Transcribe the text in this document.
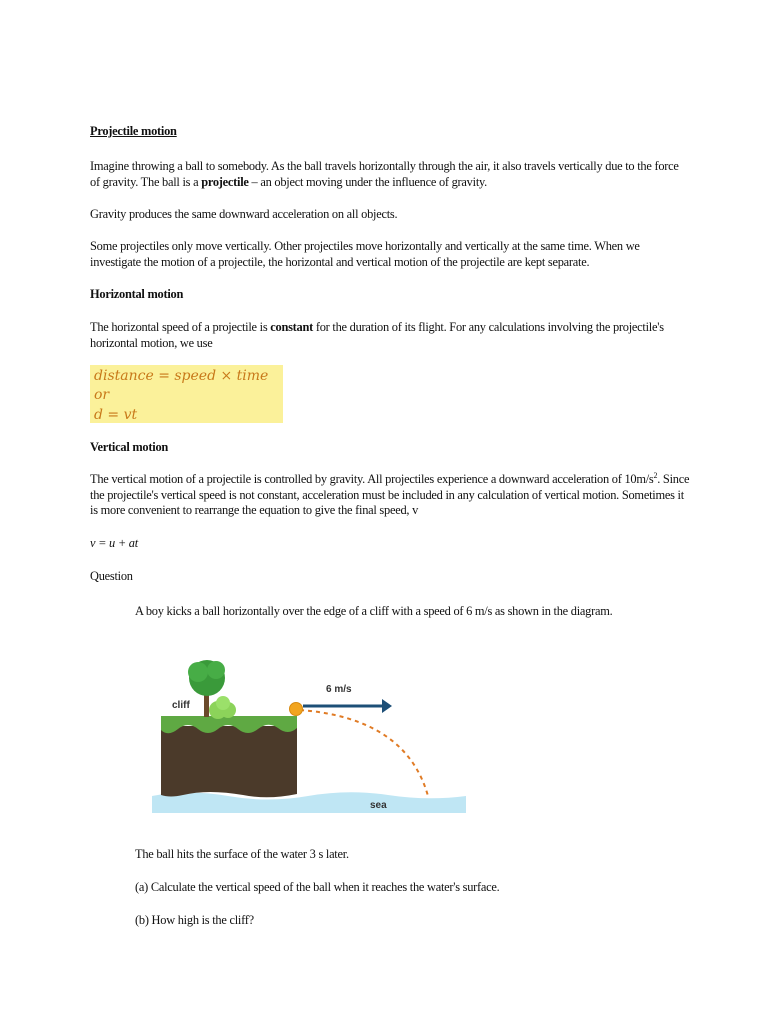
Projectile motion

Imagine throwing a ball to somebody. As the ball travels horizontally through the air, it also travels vertically due to the force of gravity. The ball is a projectile – an object moving under the influence of gravity.

Gravity produces the same downward acceleration on all objects.

Some projectiles only move vertically. Other projectiles move horizontally and vertically at the same time. When we investigate the motion of a projectile, the horizontal and vertical motion of the projectile are kept separate.

Horizontal motion

The horizontal speed of a projectile is constant for the duration of its flight. For any calculations involving the projectile's horizontal motion, we use

distance = speed × time
or
d = vt
Vertical motion

The vertical motion of a projectile is controlled by gravity. All projectiles experience a downward acceleration of $10m/s^2$. Since the projectile's vertical speed is not constant, acceleration must be included in any calculation of vertical motion. Sometimes it is more convenient to rearrange the equation to give the final speed, v

v = u + at

Question

A boy kicks a ball horizontally over the edge of a cliff with a speed of 6 m/s as shown in the diagram.

cliff
6 m/s
sea

The ball hits the surface of the water 3 s later.

(a) Calculate the vertical speed of the ball when it reaches the water's surface.

(b) How high is the cliff?
